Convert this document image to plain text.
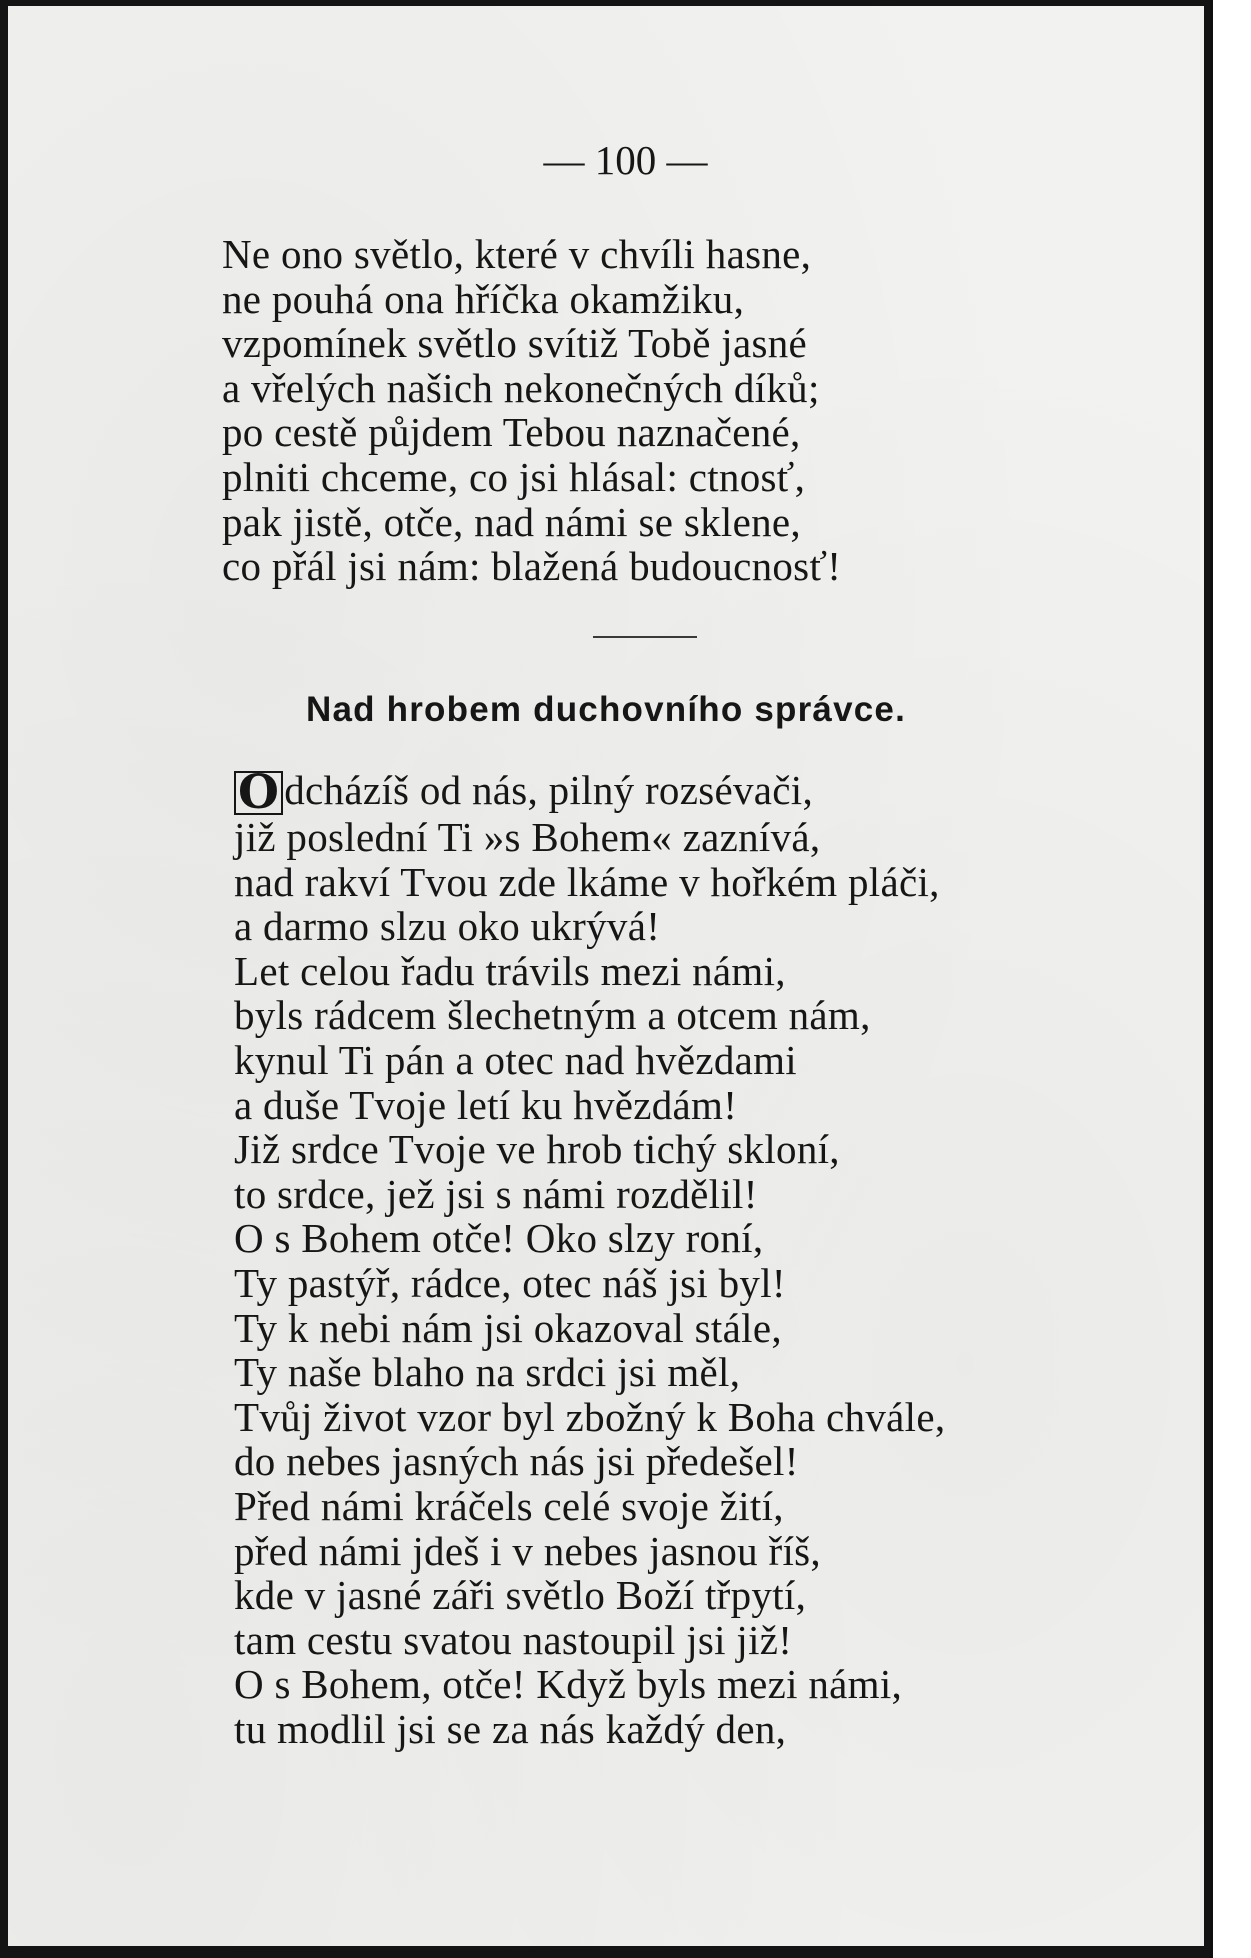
— 100 —
Ne ono světlo, které v chvíli hasne,
ne pouhá ona hříčka okamžiku,
vzpomínek světlo svítiž Tobě jasné
a vřelých našich nekonečných díků;
po cestě půjdem Tebou naznačené,
plniti chceme, co jsi hlásal: ctnosť,
pak jistě, otče, nad námi se sklene,
co přál jsi nám: blažená budoucnosť!
Nad hrobem duchovního správce.
O dcházíš od nás, pilný rozsévači,
již poslední Ti »s Bohem« zaznívá,
nad rakví Tvou zde lkáme v hořkém pláči,
a darmo slzu oko ukrývá!
Let celou řadu trávils mezi námi,
byls rádcem šlechetným a otcem nám,
kynul Ti pán a otec nad hvězdami
a duše Tvoje letí ku hvězdám!
Již srdce Tvoje ve hrob tichý skloní,
to srdce, jež jsi s námi rozdělil!
O s Bohem otče! Oko slzy roní,
Ty pastýř, rádce, otec náš jsi byl!
Ty k nebi nám jsi okazoval stále,
Ty naše blaho na srdci jsi měl,
Tvůj život vzor byl zbožný k Boha chvále,
do nebes jasných nás jsi předešel!
Před námi kráčels celé svoje žití,
před námi jdeš i v nebes jasnou říš,
kde v jasné záři světlo Boží třpytí,
tam cestu svatou nastoupil jsi již!
O s Bohem, otče! Když byls mezi námi,
tu modlil jsi se za nás každý den,
